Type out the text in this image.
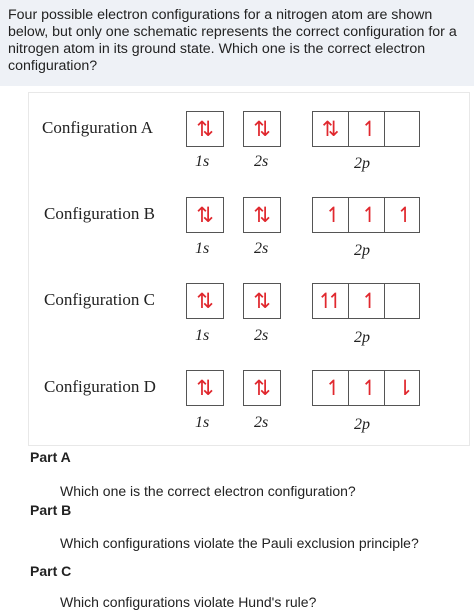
Four possible electron configurations for a nitrogen atom are shown below, but only one schematic represents the correct configuration for a nitrogen atom in its ground state. Which one is the correct electron configuration?
Configuration A ⇅	⇅	⇅	↿
1s	2s	2p
Configuration B ⇅	⇅	↿ ↿ ↿
1s	2s	2p
Configuration C ⇅	⇅	↿↿	↿
1s	2s	2p
Configuration D ⇅	⇅	↿ ↿ ⇂
1s	2s	2p
Part A
Which one is the correct electron configuration?
Part B
Which configurations violate the Pauli exclusion principle?
Part C
Which configurations violate Hund's rule?
